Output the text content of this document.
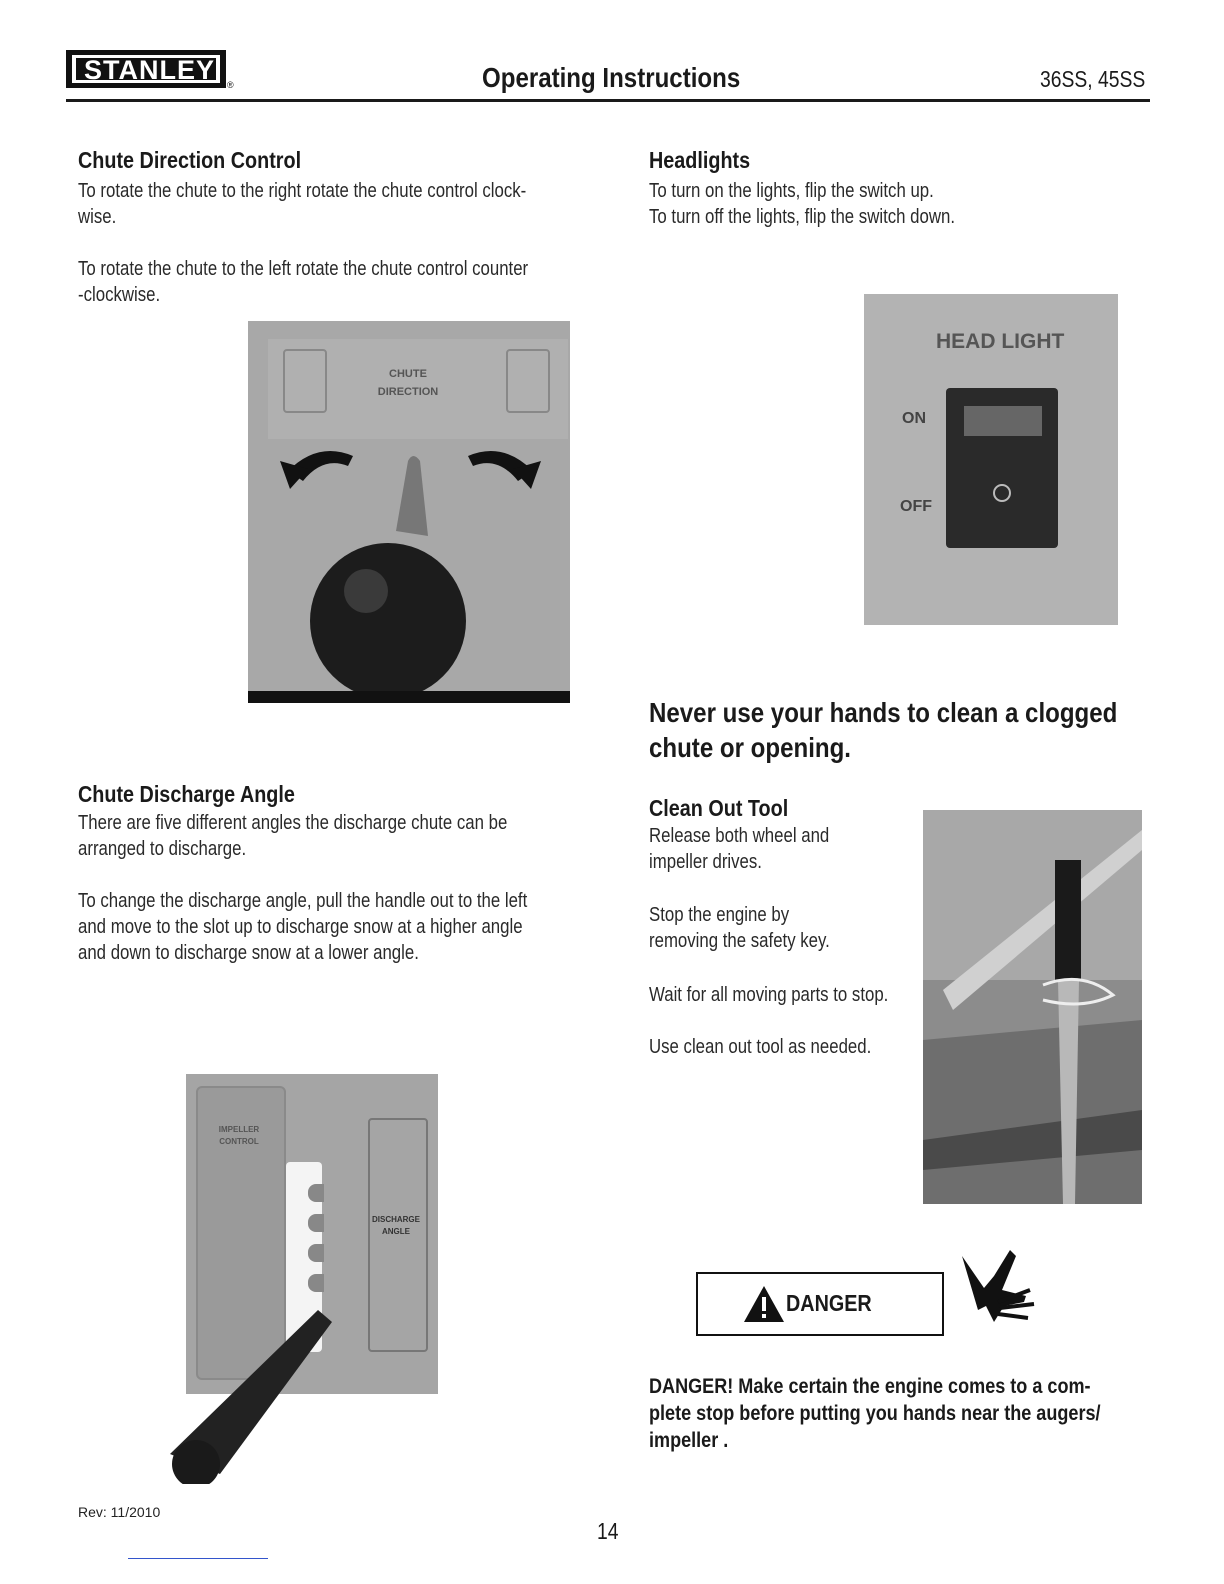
STANLEY ®	Operating Instructions	36SS, 45SS
Chute Direction Control
To rotate the chute to the right rotate the chute control clock-
wise.
To rotate the chute to the left rotate the chute control counter
-clockwise.
CHUTE
DIRECTION
Chute Discharge Angle
There are five different angles the discharge chute can be
arranged to discharge.
To change the discharge angle, pull the handle out to the left
and move to the slot up to discharge snow at a higher angle
and down to discharge snow at a lower angle.
IMPELLER
CONTROL
DISCHARGE
ANGLE
Headlights
To turn on the lights, flip the switch up.
To turn off the lights, flip the switch down.
HEAD LIGHT
ON
OFF
Never use your hands to clean a clogged
chute or opening.
Clean Out Tool
Release both wheel and
impeller drives.
Stop the engine by
removing the safety key.
Wait for all moving parts to stop.
Use clean out tool as needed.
DANGER
DANGER! Make certain the engine comes to a com-
plete stop before putting you hands near the augers/
impeller .
Rev: 11/2010
14
